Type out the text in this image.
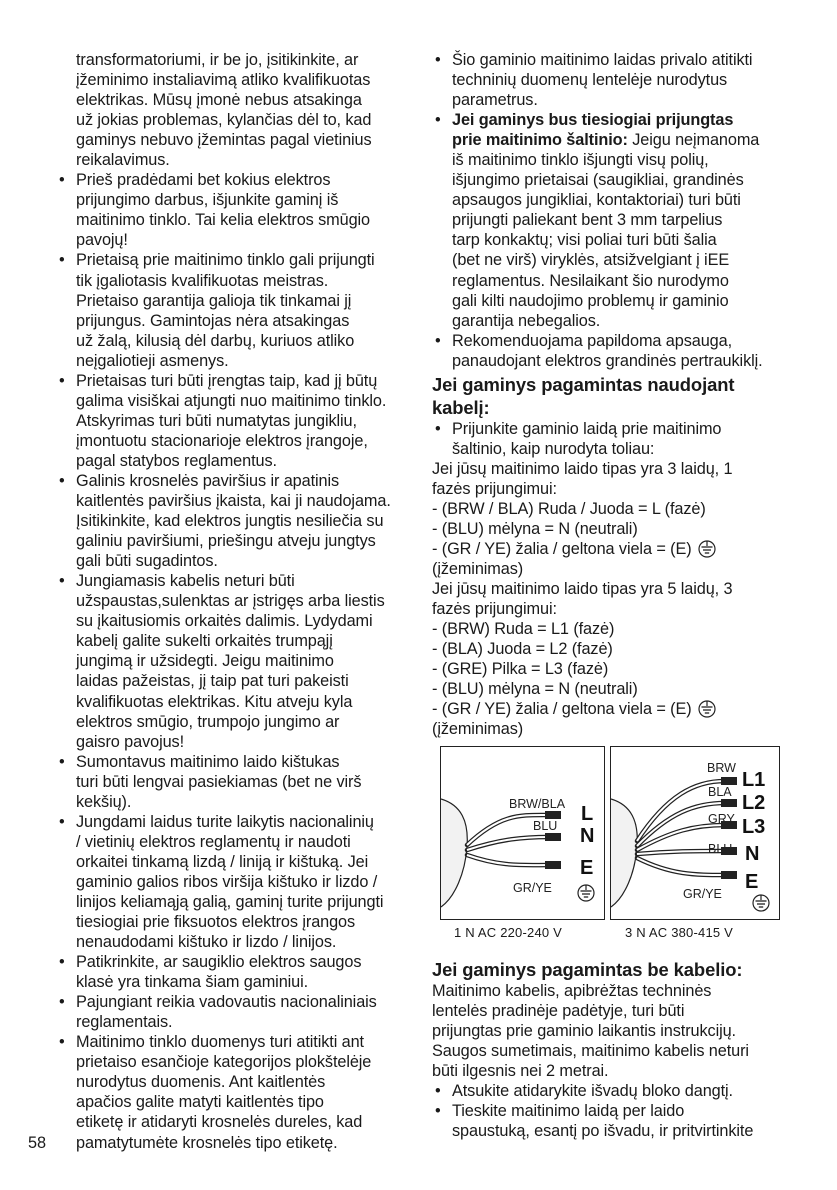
transformatoriumi, ir be jo, įsitikinkite, ar
įžeminimo instaliavimą atliko kvalifikuotas
elektrikas. Mūsų įmonė nebus atsakinga
už jokias problemas, kylančias dėl to, kad
gaminys nebuvo įžemintas pagal vietinius
reikalavimus.
• Prieš pradėdami bet kokius elektros
prijungimo darbus, išjunkite gaminį iš
maitinimo tinklo. Tai kelia elektros smūgio
pavojų!
• Prietaisą prie maitinimo tinklo gali prijungti
tik įgaliotasis kvalifikuotas meistras.
Prietaiso garantija galioja tik tinkamai jį
prijungus. Gamintojas nėra atsakingas
už žalą, kilusią dėl darbų, kuriuos atliko
neįgaliotieji asmenys.
• Prietaisas turi būti įrengtas taip, kad jį būtų
galima visiškai atjungti nuo maitinimo tinklo.
Atskyrimas turi būti numatytas jungikliu,
įmontuotu stacionarioje elektros įrangoje,
pagal statybos reglamentus.
• Galinis krosnelės paviršius ir apatinis
kaitlentės paviršius įkaista, kai ji naudojama.
Įsitikinkite, kad elektros jungtis nesiliečia su
galiniu paviršiumi, priešingu atveju jungtys
gali būti sugadintos.
• Jungiamasis kabelis neturi būti
užspaustas,sulenktas ar įstrigęs arba liestis
su įkaitusiomis orkaitės dalimis. Lydydami
kabelį galite sukelti orkaitės trumpąjį
jungimą ir užsidegti. Jeigu maitinimo
laidas pažeistas, jį taip pat turi pakeisti
kvalifikuotas elektrikas. Kitu atveju kyla
elektros smūgio, trumpojo jungimo ar
gaisro pavojus!
• Sumontavus maitinimo laido kištukas
turi būti lengvai pasiekiamas (bet ne virš
kekšių).
• Jungdami laidus turite laikytis nacionalinių
/ vietinių elektros reglamentų ir naudoti
orkaitei tinkamą lizdą / liniją ir kištuką. Jei
gaminio galios ribos viršija kištuko ir lizdo /
linijos keliamąją galią, gaminį turite prijungti
tiesiogiai prie fiksuotos elektros įrangos
nenaudodami kištuko ir lizdo / linijos.
• Patikrinkite, ar saugiklio elektros saugos
klasė yra tinkama šiam gaminiui.
• Pajungiant reikia vadovautis nacionaliniais
reglamentais.
• Maitinimo tinklo duomenys turi atitikti ant
prietaiso esančioje kategorijos plokštelėje
nurodytus duomenis. Ant kaitlentės
apačios galite matyti kaitlentės tipo
etiketę ir atidaryti krosnelės dureles, kad
pamatytumėte krosnelės tipo etiketę.
58
• Šio gaminio maitinimo laidas privalo atitikti
techninių duomenų lentelėje nurodytus
parametrus.
• Jei gaminys bus tiesiogiai prijungtas
prie maitinimo šaltinio: Jeigu neįmanoma
iš maitinimo tinklo išjungti visų polių,
išjungimo prietaisai (saugikliai, grandinės
apsaugos jungikliai, kontaktoriai) turi būti
prijungti paliekant bent 3 mm tarpelius
tarp konkaktų; visi poliai turi būti šalia
(bet ne virš) viryklės, atsižvelgiant į iEE
reglamentus. Nesilaikant šio nurodymo
gali kilti naudojimo problemų ir gaminio
garantija nebegalios.
• Rekomenduojama papildoma apsauga,
panaudojant elektros grandinės pertraukiklį.
Jei gaminys pagamintas naudojant
kabelį:
• Prijunkite gaminio laidą prie maitinimo
šaltinio, kaip nurodyta toliau:
Jei jūsų maitinimo laido tipas yra 3 laidų, 1
fazės prijungimui:
- (BRW / BLA) Ruda / Juoda = L (fazė)
- (BLU) mėlyna = N (neutrali)
- (GR / YE) žalia / geltona viela = (E)
(įžeminimas)
Jei jūsų maitinimo laido tipas yra 5 laidų, 3
fazės prijungimui:
- (BRW) Ruda = L1 (fazė)
- (BLA) Juoda = L2 (fazė)
- (GRE) Pilka = L3 (fazė)
- (BLU) mėlyna = N (neutrali)
- (GR / YE) žalia / geltona viela = (E)
(įžeminimas)
BRW/BLA
BLU
GR/YE
L
N
E
BRW
BLA
GRY
BLU
GR/YE
L1
L2
L3
N
E
1 N AC 220-240 V	3 N AC 380-415 V
Jei gaminys pagamintas be kabelio:
Maitinimo kabelis, apibrėžtas techninės
lentelės pradinėje padėtyje, turi būti
prijungtas prie gaminio laikantis instrukcijų.
Saugos sumetimais, maitinimo kabelis neturi
būti ilgesnis nei 2 metrai.
• Atsukite atidarykite išvadų bloko dangtį.
• Tieskite maitinimo laidą per laido
spaustuką, esantį po išvadu, ir pritvirtinkite
